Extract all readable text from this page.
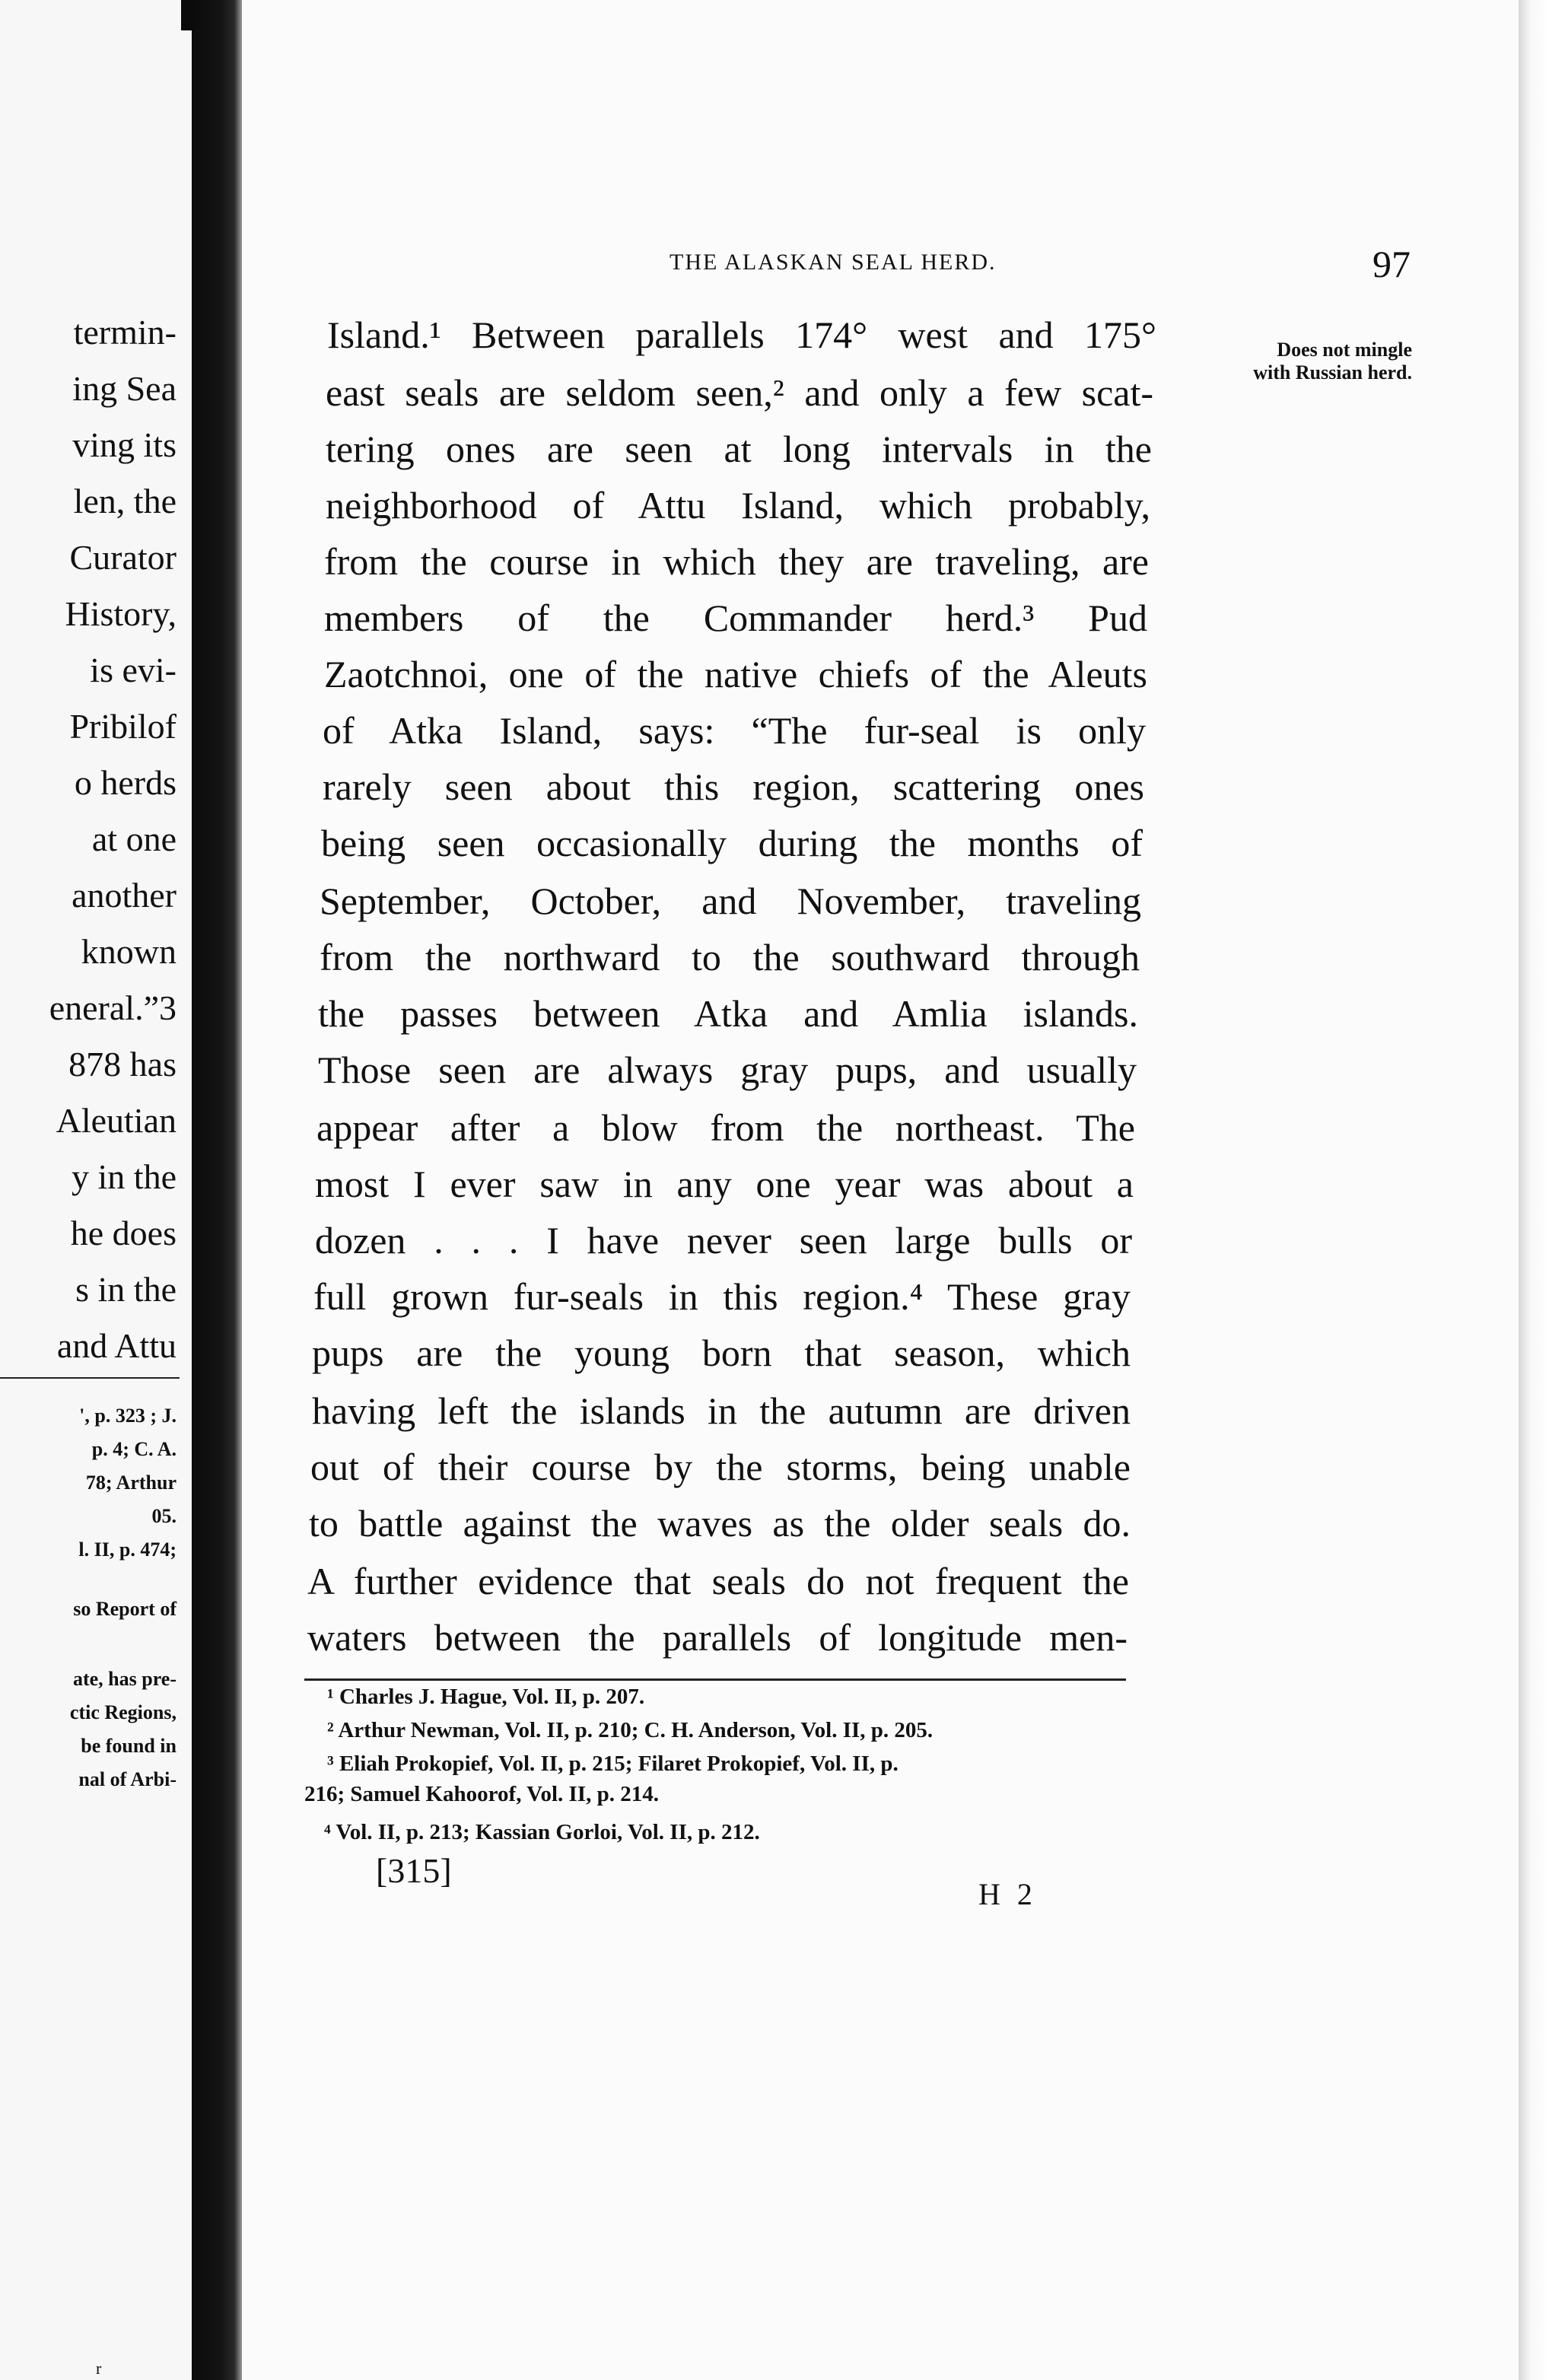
termin-
ing Sea
ving its
len, the
Curator
History,
is evi-
Pribilof
o herds
at one
another
known
eneral.”3
878 has
Aleutian
y in the
he does
s in the
and Attu
', p. 323 ; J.
p. 4; C. A.
78; Arthur
05.
l. II, p. 474;
so Report of
ate, has pre-
ctic Regions,
be found in
nal of Arbi-
r
THE ALASKAN SEAL HERD.	97
Does not mingle
with Russian herd.
Island.¹ Between parallels 174° west and 175°
east seals are seldom seen,² and only a few scat-
tering ones are seen at long intervals in the
neighborhood of Attu Island, which probably,
from the course in which they are traveling, are
members of the Commander herd.³ Pud
Zaotchnoi, one of the native chiefs of the Aleuts
of Atka Island, says: “The fur-seal is only
rarely seen about this region, scattering ones
being seen occasionally during the months of
September, October, and November, traveling
from the northward to the southward through
the passes between Atka and Amlia islands.
Those seen are always gray pups, and usually
appear after a blow from the northeast. The
most I ever saw in any one year was about a
dozen . . . I have never seen large bulls or
full grown fur-seals in this region.⁴ These gray
pups are the young born that season, which
having left the islands in the autumn are driven
out of their course by the storms, being unable
to battle against the waves as the older seals do.
A further evidence that seals do not frequent the
waters between the parallels of longitude men-
¹ Charles J. Hague, Vol. II, p. 207.
² Arthur Newman, Vol. II, p. 210; C. H. Anderson, Vol. II, p. 205.
³ Eliah Prokopief, Vol. II, p. 215; Filaret Prokopief, Vol. II, p.
216; Samuel Kahoorof, Vol. II, p. 214.
⁴ Vol. II, p. 213; Kassian Gorloi, Vol. II, p. 212.
[315]
H 2
